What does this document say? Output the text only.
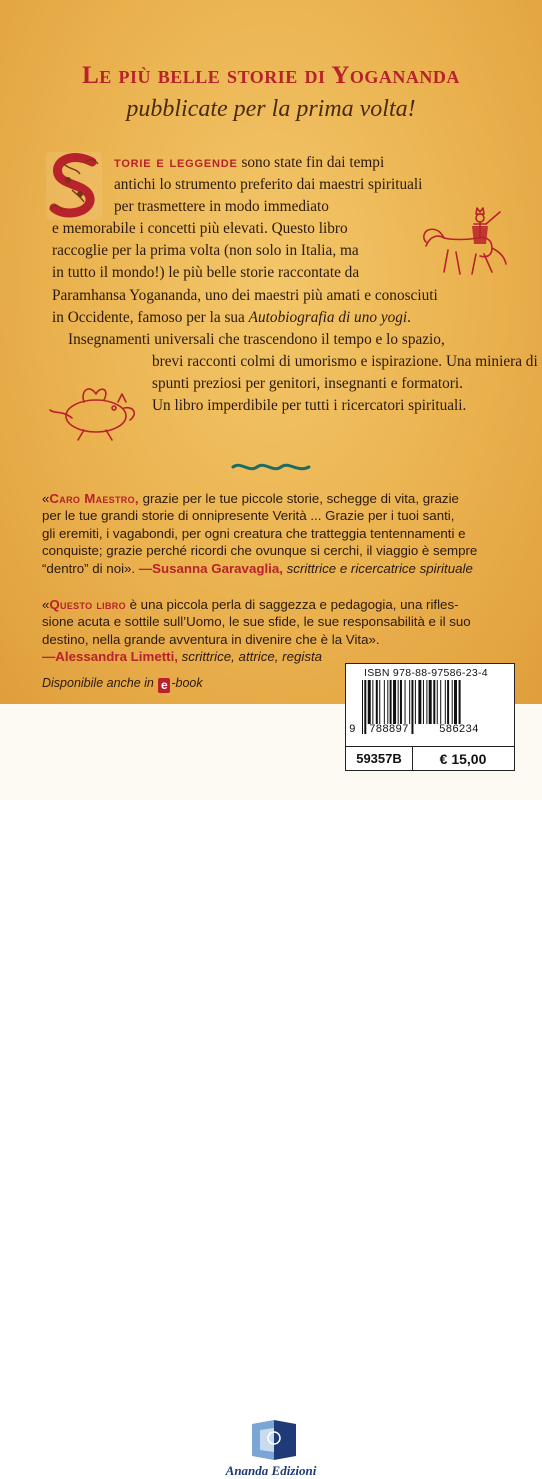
Le più belle storie di Yogananda
pubblicate per la prima volta!

torie e leggende sono state fin dai tempi
antichi lo strumento preferito dai maestri spirituali
per trasmettere in modo immediato
e memorabile i concetti più elevati. Questo libro
raccoglie per la prima volta (non solo in Italia, ma
in tutto il mondo!) le più belle storie raccontate da
Paramhansa Yogananda, uno dei maestri più amati e conosciuti
in Occidente, famoso per la sua Autobiografia di uno yogi.
Insegnamenti universali che trascendono il tempo e lo spazio,
brevi racconti colmi di umorismo e ispirazione. Una miniera di
spunti preziosi per genitori, insegnanti e formatori.
Un libro imperdibile per tutti i ricercatori spirituali.

«Caro Maestro, grazie per le tue piccole storie, schegge di vita, grazie
per le tue grandi storie di onnipresente Verità ... Grazie per i tuoi santi,
gli eremiti, i vagabondi, per ogni creatura che tratteggia tentennamenti e
conquiste; grazie perché ricordi che ovunque si cerchi, il viaggio è sempre
“dentro” di noi». —Susanna Garavaglia, scrittrice e ricercatrice spirituale
«Questo libro è una piccola perla di saggezza e pedagogia, una rifles-
sione acuta e sottile sull’Uomo, le sue sfide, le sue responsabilità e il suo
destino, nella grande avventura in divenire che è la Vita».
—Alessandra Limetti, scrittrice, attrice, regista
Disponibile anche in e -book
Ananda Edizioni
ISBN 978-88-97586-23-4
9 788897	586234
59357B	€ 15,00
